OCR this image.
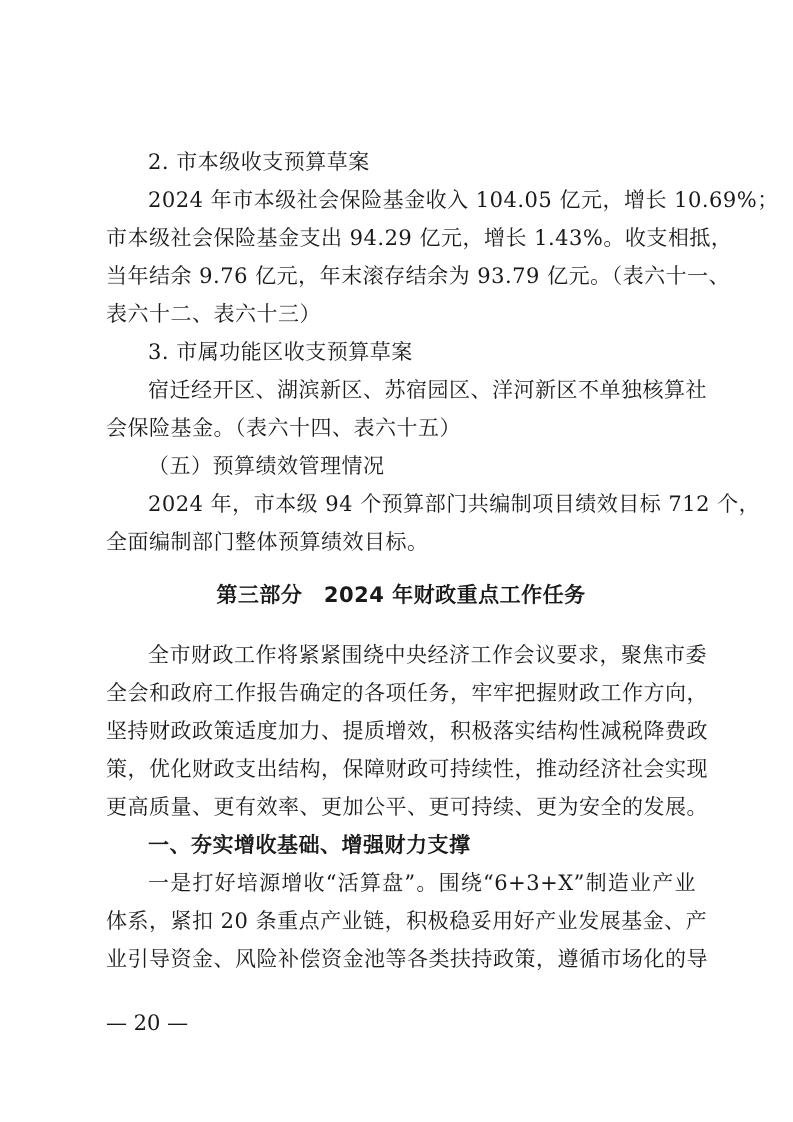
2. 市本级收支预算草案
2024 年市本级社会保险基金收入 104.05 亿元，增长 10.69%；
市本级社会保险基金支出 94.29 亿元，增长 1.43%。收支相抵，
当年结余 9.76 亿元，年末滚存结余为 93.79 亿元。（表六十一、
表六十二、表六十三）
3. 市属功能区收支预算草案
宿迁经开区、湖滨新区、苏宿园区、洋河新区不单独核算社
会保险基金。（表六十四、表六十五）
（五）预算绩效管理情况
2024 年，市本级 94 个预算部门共编制项目绩效目标 712 个，
全面编制部门整体预算绩效目标。
第三部分　2024 年财政重点工作任务
全市财政工作将紧紧围绕中央经济工作会议要求，聚焦市委
全会和政府工作报告确定的各项任务，牢牢把握财政工作方向，
坚持财政政策适度加力、提质增效，积极落实结构性减税降费政
策，优化财政支出结构，保障财政可持续性，推动经济社会实现
更高质量、更有效率、更加公平、更可持续、更为安全的发展。
一、夯实增收基础、增强财力支撑
一是打好培源增收“活算盘”。围绕“6+3+X”制造业产业
体系，紧扣 20 条重点产业链，积极稳妥用好产业发展基金、产
业引导资金、风险补偿资金池等各类扶持政策，遵循市场化的导
— 20 —
